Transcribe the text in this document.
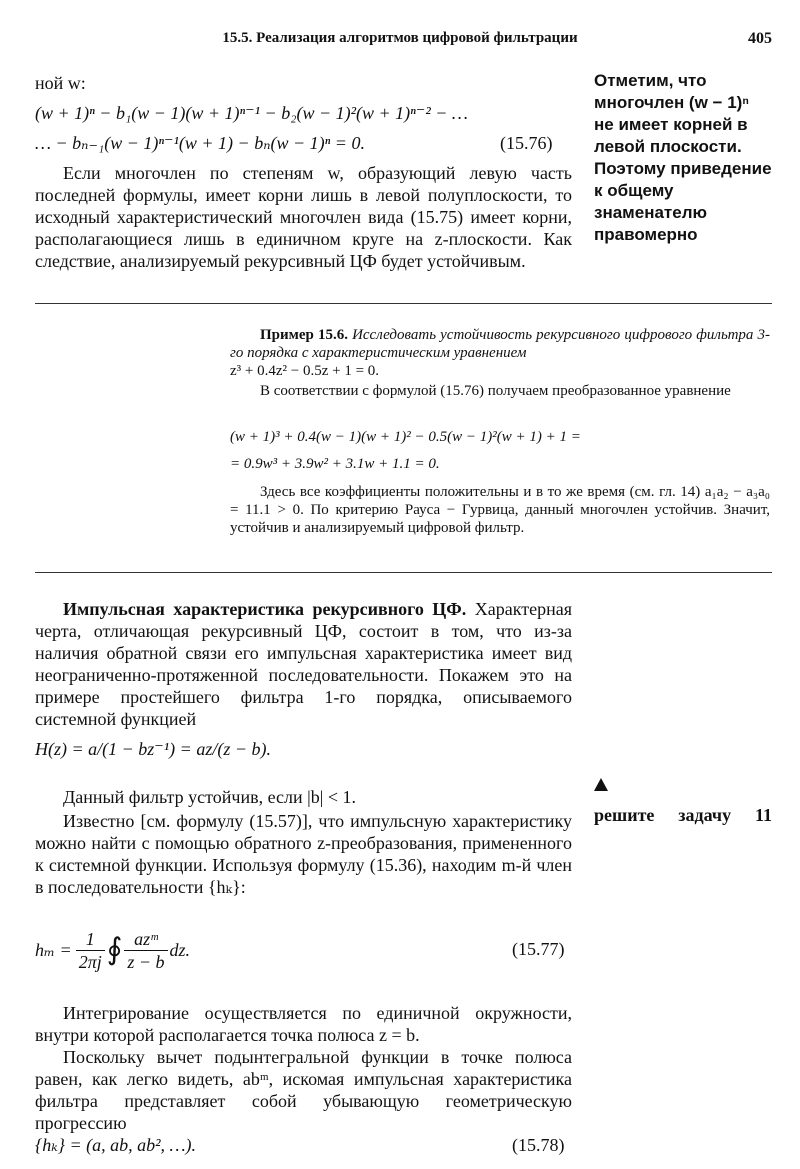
15.5. Реализация алгоритмов цифровой фильтрации	405
ной w:
(w + 1)ⁿ − b₁(w − 1)(w + 1)ⁿ⁻¹ − b₂(w − 1)²(w + 1)ⁿ⁻² − …
… − bₙ₋₁(w − 1)ⁿ⁻¹(w + 1) − bₙ(w − 1)ⁿ = 0.	(15.76)
Если многочлен по степеням w, образующий левую часть последней формулы, имеет корни лишь в левой полуплоскости, то исходный характеристический многочлен вида (15.75) имеет корни, располагающиеся лишь в единичном круге на z-плоскости. Как следствие, анализируемый рекурсивный ЦФ будет устойчивым.
Отметим, что многочлен (w − 1)ⁿ не имеет корней в левой плоскости. Поэтому приведение к общему знаменателю правомерно
Пример 15.6. Исследовать устойчивость рекурсивного цифрового фильтра 3-го порядка с характеристическим уравнением
z³ + 0.4z² − 0.5z + 1 = 0.
В соответствии с формулой (15.76) получаем преобразованное уравнение
(w + 1)³ + 0.4(w − 1)(w + 1)² − 0.5(w − 1)²(w + 1) + 1 =
= 0.9w³ + 3.9w² + 3.1w + 1.1 = 0.
Здесь все коэффициенты положительны и в то же время (см. гл. 14) a₁a₂ − a₃a₀ = 11.1 > 0. По критерию Рауса − Гурвица, данный многочлен устойчив. Значит, устойчив и анализируемый цифровой фильтр.
Импульсная характеристика рекурсивного ЦФ. Характерная черта, отличающая рекурсивный ЦФ, состоит в том, что из-за наличия обратной связи его импульсная характеристика имеет вид неограниченно-протяженной последовательности. Покажем это на примере простейшего фильтра 1-го порядка, описываемого системной функцией
H(z) = a/(1 − bz⁻¹) = az/(z − b).
Данный фильтр устойчив, если |b| < 1.
Известно [см. формулу (15.57)], что импульсную характеристику можно найти с помощью обратного z-преобразования, примененного к системной функции. Используя формулу (15.36), находим m-й член в последовательности {hₖ}:
$h_m = \frac{1}{2\pi j}$ ∮ $\frac{\text{azᵐ}}{z - b}$ dz.	(15.77)
Интегрирование осуществляется по единичной окружности, внутри которой располагается точка полюса z = b.
Поскольку вычет подынтегральной функции в точке полюса равен, как легко видеть, abᵐ, искомая импульсная характеристика фильтра представляет собой убывающую геометрическую прогрессию
{hₖ} = (a, ab, ab², …).	(15.78)
решите задачу 11
